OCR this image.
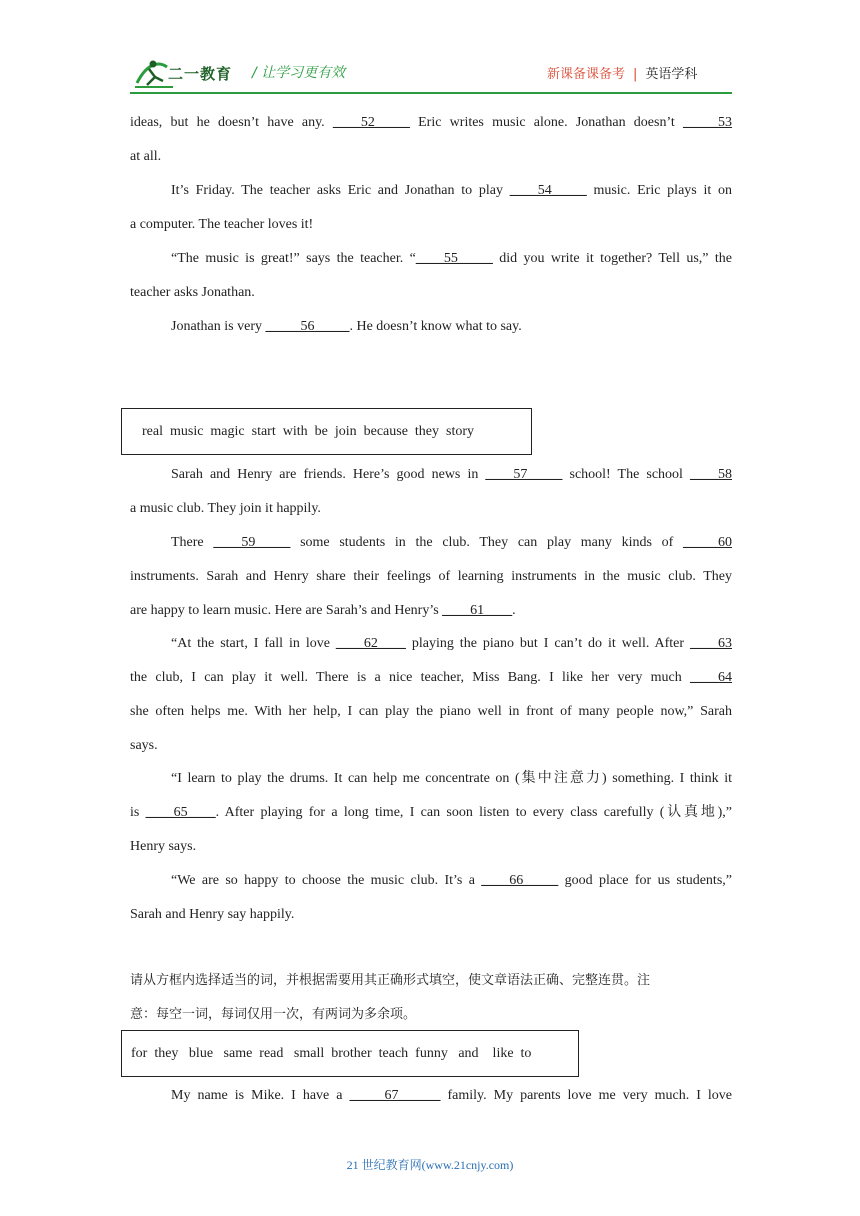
二一教育 / 让学习更有效	新课备课备考 | 英语学科
ideas, but he doesn’t have any. ____52_____ Eric writes music alone. Jonathan doesn’t _____53
at all.
It’s Friday. The teacher asks Eric and Jonathan to play ____54_____ music. Eric plays it on
a computer. The teacher loves it!
“The music is great!” says the teacher. “____55_____ did you write it together? Tell us,” the
teacher asks Jonathan.
Jonathan is very _____56_____. He doesn’t know what to say.
real  music  magic  start  with  be  join  because  they  story
Sarah and Henry are friends. Here’s good news in ____57_____ school! The school ____58
a music club. They join it happily.
There ____59_____ some students in the club. They can play many kinds of _____60
instruments. Sarah and Henry share their feelings of learning instruments in the music club. They
are happy to learn music. Here are Sarah’s and Henry’s ____61____.
“At the start, I fall in love ____62____ playing the piano but I can’t do it well. After ____63
the club, I can play it well. There is a nice teacher, Miss Bang. I like her very much ____64
she often helps me. With her help, I can play the piano well in front of many people now,” Sarah
says.
“I learn to play the drums. It can help me concentrate on (集中注意力) something. I think it
is ____65____. After playing for a long time, I can soon listen to every class carefully (认真地),”
Henry says.
“We are so happy to choose the music club. It’s a ____66_____ good place for us students,”
Sarah and Henry say happily.
请从方框内选择适当的词，并根据需要用其正确形式填空，使文章语法正确、完整连贯。注
意：每空一词，每词仅用一次，有两词为多余项。
for  they   blue   same  read   small  brother  teach  funny   and    like  to
My name is Mike. I have a _____67______ family. My parents love me very much. I love
21 世纪教育网(www.21cnjy.com)
